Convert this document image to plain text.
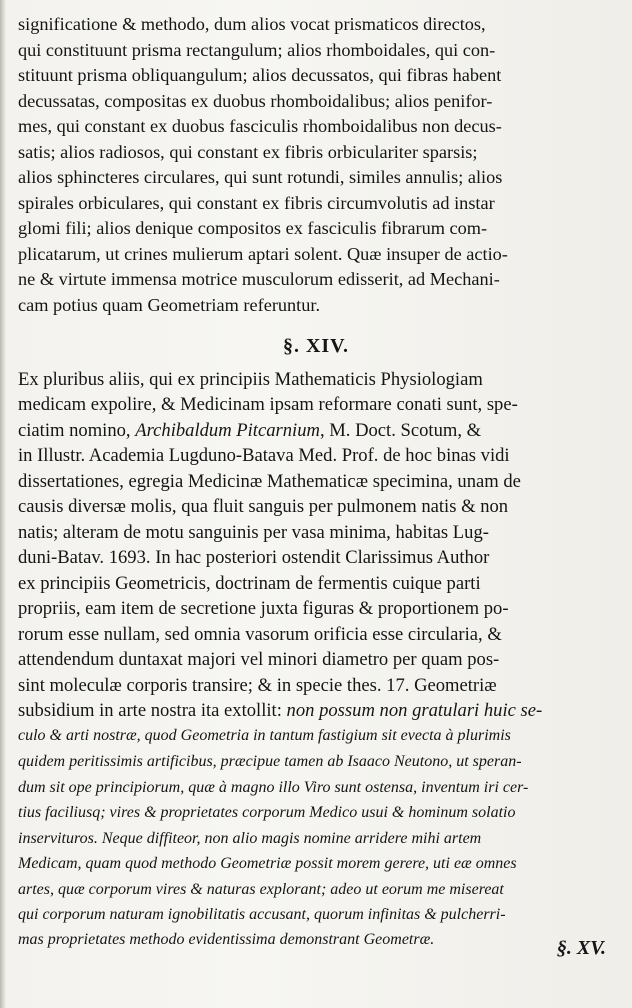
significatione & methodo, dum alios vocat prismaticos directos,
qui constituunt prisma rectangulum; alios rhomboidales, qui con-
stituunt prisma obliquangulum; alios decussatos, qui fibras habent
decussatas, compositas ex duobus rhomboidalibus; alios penifor-
mes, qui constant ex duobus fasciculis rhomboidalibus non decus-
satis; alios radiosos, qui constant ex fibris orbiculariter sparsis;
alios sphincteres circulares, qui sunt rotundi, similes annulis; alios
spirales orbiculares, qui constant ex fibris circumvolutis ad instar
glomi fili; alios denique compositos ex fasciculis fibrarum com-
plicatarum, ut crines mulierum aptari solent. Quæ insuper de actio-
ne & virtute immensa motrice musculorum edisserit, ad Mechani-
cam potius quam Geometriam referuntur.
§. XIV.
Ex pluribus aliis, qui ex principiis Mathematicis Physiologiam
medicam expolire, & Medicinam ipsam reformare conati sunt, spe-
ciatim nomino, Archibaldum Pitcarnium, M. Doct. Scotum, &
in Illustr. Academia Lugduno-Batava Med. Prof. de hoc binas vidi
dissertationes, egregia Medicinæ Mathematicæ specimina, unam de
causis diversæ molis, qua fluit sanguis per pulmonem natis & non
natis; alteram de motu sanguinis per vasa minima, habitas Lug-
duni-Batav. 1693. In hac posteriori ostendit Clarissimus Author
ex principiis Geometricis, doctrinam de fermentis cuique parti
propriis, eam item de secretione juxta figuras & proportionem po-
rorum esse nullam, sed omnia vasorum orificia esse circularia, &
attendendum duntaxat majori vel minori diametro per quam pos-
sint moleculæ corporis transire; & in specie thes. 17. Geometriæ
subsidium in arte nostra ita extollit: non possum non gratulari huic se-
culo & arti nostræ, quod Geometria in tantum fastigium sit evecta à plurimis
quidem peritissimis artificibus, præcipue tamen ab Isaaco Neutono, ut speran-
dum sit ope principiorum, quæ à magno illo Viro sunt ostensa, inventum iri cer-
tius faciliusq; vires & proprietates corporum Medico usui & hominum solatio
inservituros. Neque diffiteor, non alio magis nomine arridere mihi artem
Medicam, quam quod methodo Geometriæ possit morem gerere, uti eæ omnes
artes, quæ corporum vires & naturas explorant; adeo ut eorum me misereat
qui corporum naturam ignobilitatis accusant, quorum infinitas & pulcherri-
mas proprietates methodo evidentissima demonstrant Geometræ.	§. XV.
